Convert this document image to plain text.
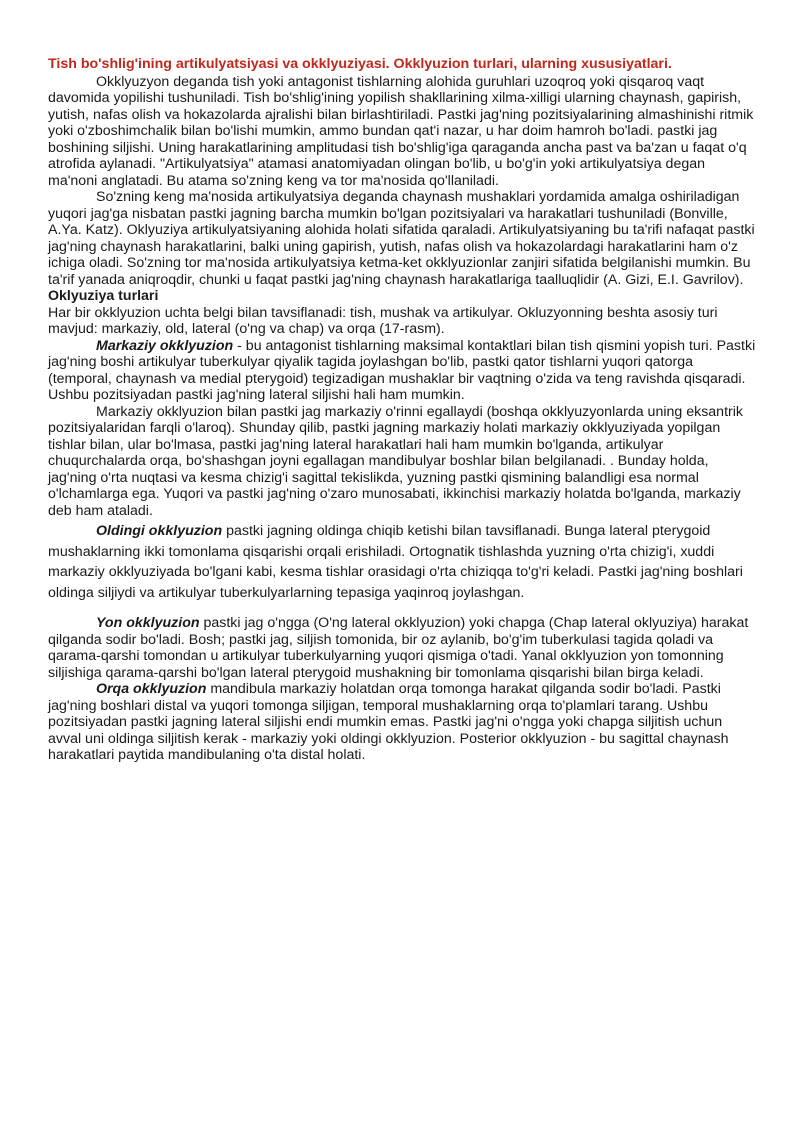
Tish bo'shlig'ining artikulyatsiyasi va okklyuziyasi. Okklyuzion turlari, ularning xususiyatlari.

Okklyuzyon deganda tish yoki antagonist tishlarning alohida guruhlari uzoqroq yoki qisqaroq vaqt davomida yopilishi tushuniladi. Tish bo'shlig'ining yopilish shakllarining xilma-xilligi ularning chaynash, gapirish, yutish, nafas olish va hokazolarda ajralishi bilan birlashtiriladi. Pastki jag'ning pozitsiyalarining almashinishi ritmik yoki o'zboshimchalik bilan bo'lishi mumkin, ammo bundan qat'i nazar, u har doim hamroh bo'ladi. pastki jag boshining siljishi. Uning harakatlarining amplitudasi tish bo'shlig'iga qaraganda ancha past va ba'zan u faqat o'q atrofida aylanadi. "Artikulyatsiya" atamasi anatomiyadan olingan bo'lib, u bo'g'in yoki artikulyatsiya degan ma'noni anglatadi. Bu atama so'zning keng va tor ma'nosida qo'llaniladi.

So'zning keng ma'nosida artikulyatsiya deganda chaynash mushaklari yordamida amalga oshiriladigan yuqori jag'ga nisbatan pastki jagning barcha mumkin bo'lgan pozitsiyalari va harakatlari tushuniladi (Bonville, A.Ya. Katz). Oklyuziya artikulyatsiyaning alohida holati sifatida qaraladi. Artikulyatsiyaning bu ta'rifi nafaqat pastki jag'ning chaynash harakatlarini, balki uning gapirish, yutish, nafas olish va hokazolardagi harakatlarini ham o'z ichiga oladi. So'zning tor ma'nosida artikulyatsiya ketma-ket okklyuzionlar zanjiri sifatida belgilanishi mumkin. Bu ta'rif yanada aniqroqdir, chunki u faqat pastki jag'ning chaynash harakatlariga taalluqlidir (A. Gizi, E.I. Gavrilov).

Oklyuziya turlari

Har bir okklyuzion uchta belgi bilan tavsiflanadi: tish, mushak va artikulyar. Okluzyonning beshta asosiy turi mavjud: markaziy, old, lateral (o'ng va chap) va orqa (17-rasm).

Markaziy okklyuzion - bu antagonist tishlarning maksimal kontaktlari bilan tish qismini yopish turi. Pastki jag'ning boshi artikulyar tuberkulyar qiyalik tagida joylashgan bo'lib, pastki qator tishlarni yuqori qatorga (temporal, chaynash va medial pterygoid) tegizadigan mushaklar bir vaqtning o'zida va teng ravishda qisqaradi. Ushbu pozitsiyadan pastki jag'ning lateral siljishi hali ham mumkin.

Markaziy okklyuzion bilan pastki jag markaziy o'rinni egallaydi (boshqa okklyuzyonlarda uning eksantrik pozitsiyalaridan farqli o'laroq). Shunday qilib, pastki jagning markaziy holati markaziy okklyuziyada yopilgan tishlar bilan, ular bo'lmasa, pastki jag'ning lateral harakatlari hali ham mumkin bo'lganda, artikulyar chuqurchalarda orqa, bo'shashgan joyni egallagan mandibulyar boshlar bilan belgilanadi. . Bunday holda, jag'ning o'rta nuqtasi va kesma chizig'i sagittal tekislikda, yuzning pastki qismining balandligi esa normal o'lchamlarga ega. Yuqori va pastki jag'ning o'zaro munosabati, ikkinchisi markaziy holatda bo'lganda, markaziy deb ham ataladi.

Oldingi okklyuzion pastki jagning oldinga chiqib ketishi bilan tavsiflanadi. Bunga lateral pterygoid mushaklarning ikki tomonlama qisqarishi orqali erishiladi. Ortognatik tishlashda yuzning o'rta chizig'i, xuddi markaziy okklyuziyada bo'lgani kabi, kesma tishlar orasidagi o'rta chiziqqa to'g'ri keladi. Pastki jag'ning boshlari oldinga siljiydi va artikulyar tuberkulyarlarning tepasiga yaqinroq joylashgan.

Yon okklyuzion pastki jag o'ngga (O'ng lateral okklyuzion) yoki chapga (Chap lateral oklyuziya) harakat qilganda sodir bo'ladi. Bosh; pastki jag, siljish tomonida, bir oz aylanib, bo'g'im tuberkulasi tagida qoladi va qarama-qarshi tomondan u artikulyar tuberkulyarning yuqori qismiga o'tadi. Yanal okklyuzion yon tomonning siljishiga qarama-qarshi bo'lgan lateral pterygoid mushakning bir tomonlama qisqarishi bilan birga keladi.

Orqa okklyuzion mandibula markaziy holatdan orqa tomonga harakat qilganda sodir bo'ladi. Pastki jag'ning boshlari distal va yuqori tomonga siljigan, temporal mushaklarning orqa to'plamlari tarang. Ushbu pozitsiyadan pastki jagning lateral siljishi endi mumkin emas. Pastki jag'ni o'ngga yoki chapga siljitish uchun avval uni oldinga siljitish kerak - markaziy yoki oldingi okklyuzion. Posterior okklyuzion - bu sagittal chaynash harakatlari paytida mandibulaning o'ta distal holati.
